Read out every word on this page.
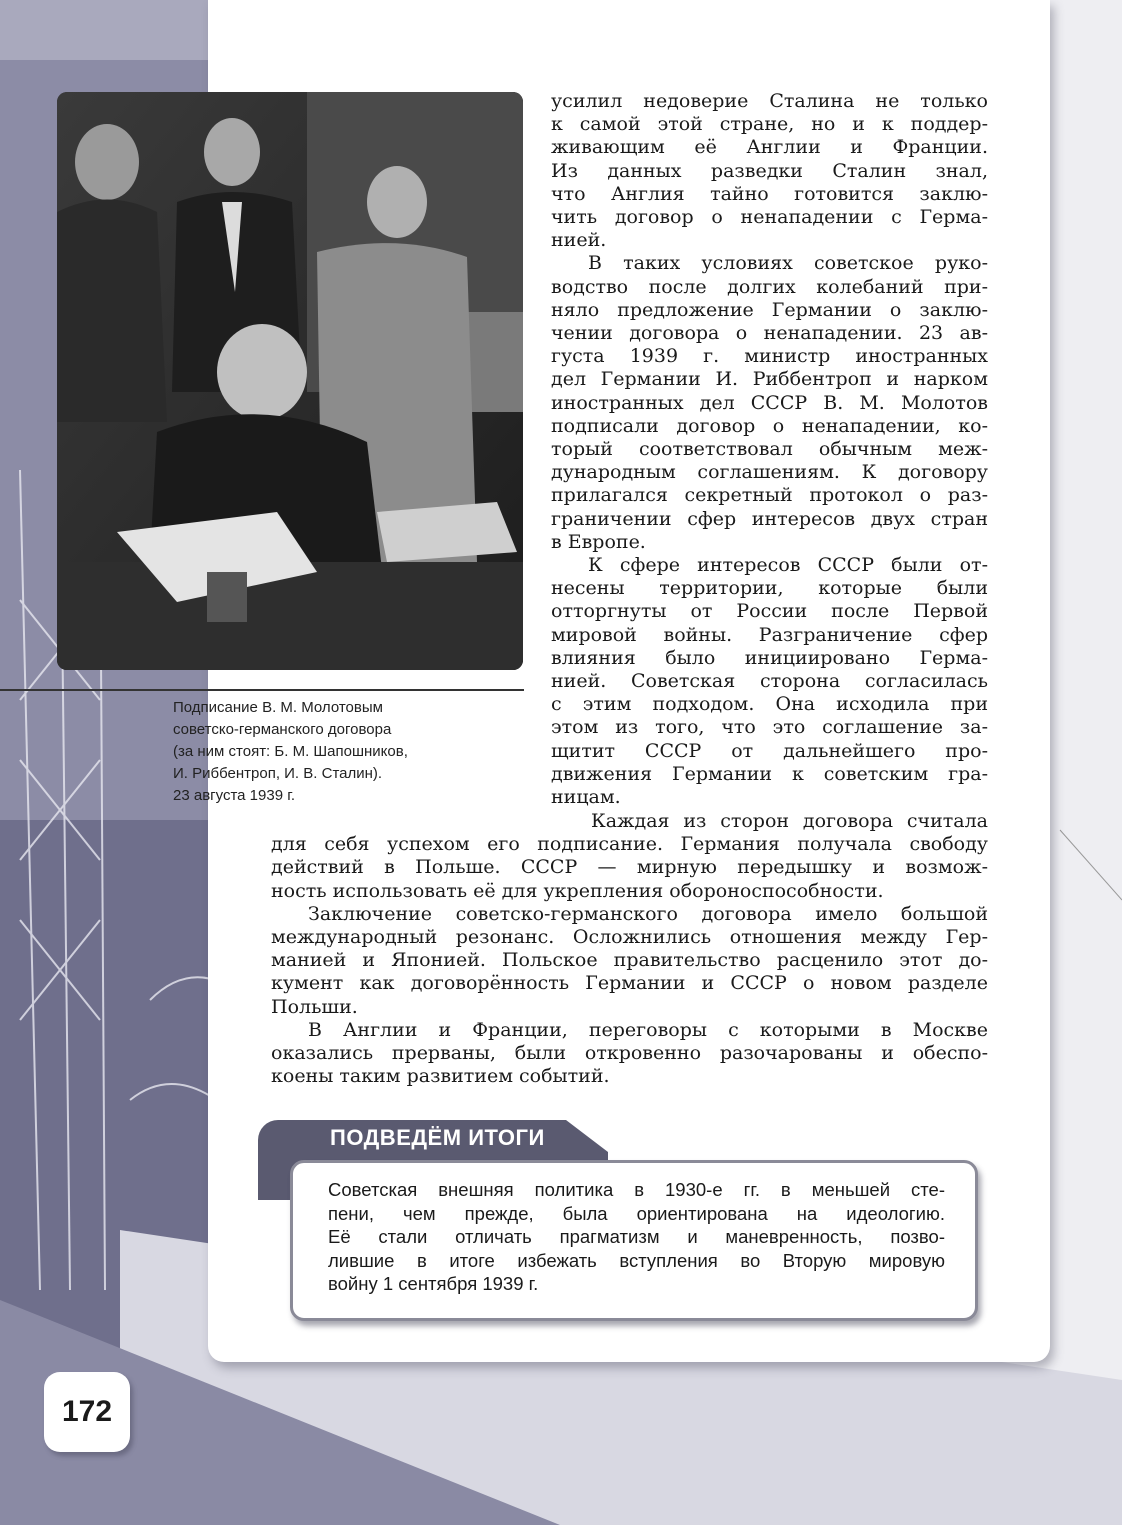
Подписание В. М. Молотовым
советско-германского договора
(за ним стоят: Б. М. Шапошников,
И. Риббентроп, И. В. Сталин).
23 августа 1939 г.
усилил недоверие Сталина не только
к самой этой стране, но и к поддер-
живающим её Англии и Франции.
Из данных разведки Сталин знал,
что Англия тайно готовится заклю-
чить договор о ненападении с Герма-
нией.
В таких условиях советское руко-
водство после долгих колебаний при-
няло предложение Германии о заклю-
чении договора о ненападении. 23 ав-
густа 1939 г. министр иностранных
дел Германии И. Риббентроп и нарком
иностранных дел СССР В. М. Молотов
подписали договор о ненападении, ко-
торый соответствовал обычным меж-
дународным соглашениям. К договору
прилагался секретный протокол о раз-
граничении сфер интересов двух стран
в Европе.
К сфере интересов СССР были от-
несены территории, которые были
отторгнуты от России после Первой
мировой войны. Разграничение сфер
влияния было инициировано Герма-
нией. Советская сторона согласилась
с этим подходом. Она исходила при
этом из того, что это соглашение за-
щитит СССР от дальнейшего про-
движения Германии к советским гра-
ницам.
Каждая из сторон договора считала
для себя успехом его подписание. Германия получала свободу
действий в Польше. СССР — мирную передышку и возмож-
ность использовать её для укрепления обороноспособности.
Заключение советско-германского договора имело большой
международный резонанс. Осложнились отношения между Гер-
манией и Японией. Польское правительство расценило этот до-
кумент как договорённость Германии и СССР о новом разделе
Польши.
В Англии и Франции, переговоры с которыми в Москве
оказались прерваны, были откровенно разочарованы и обеспо-
коены таким развитием событий.
ПОДВЕДЁМ ИТОГИ
Советская внешняя политика в 1930-е гг. в меньшей сте-
пени, чем прежде, была ориентирована на идеологию.
Её стали отличать прагматизм и маневренность, позво-
лившие в итоге избежать вступления во Вторую мировую
войну 1 сентября 1939 г.
172
